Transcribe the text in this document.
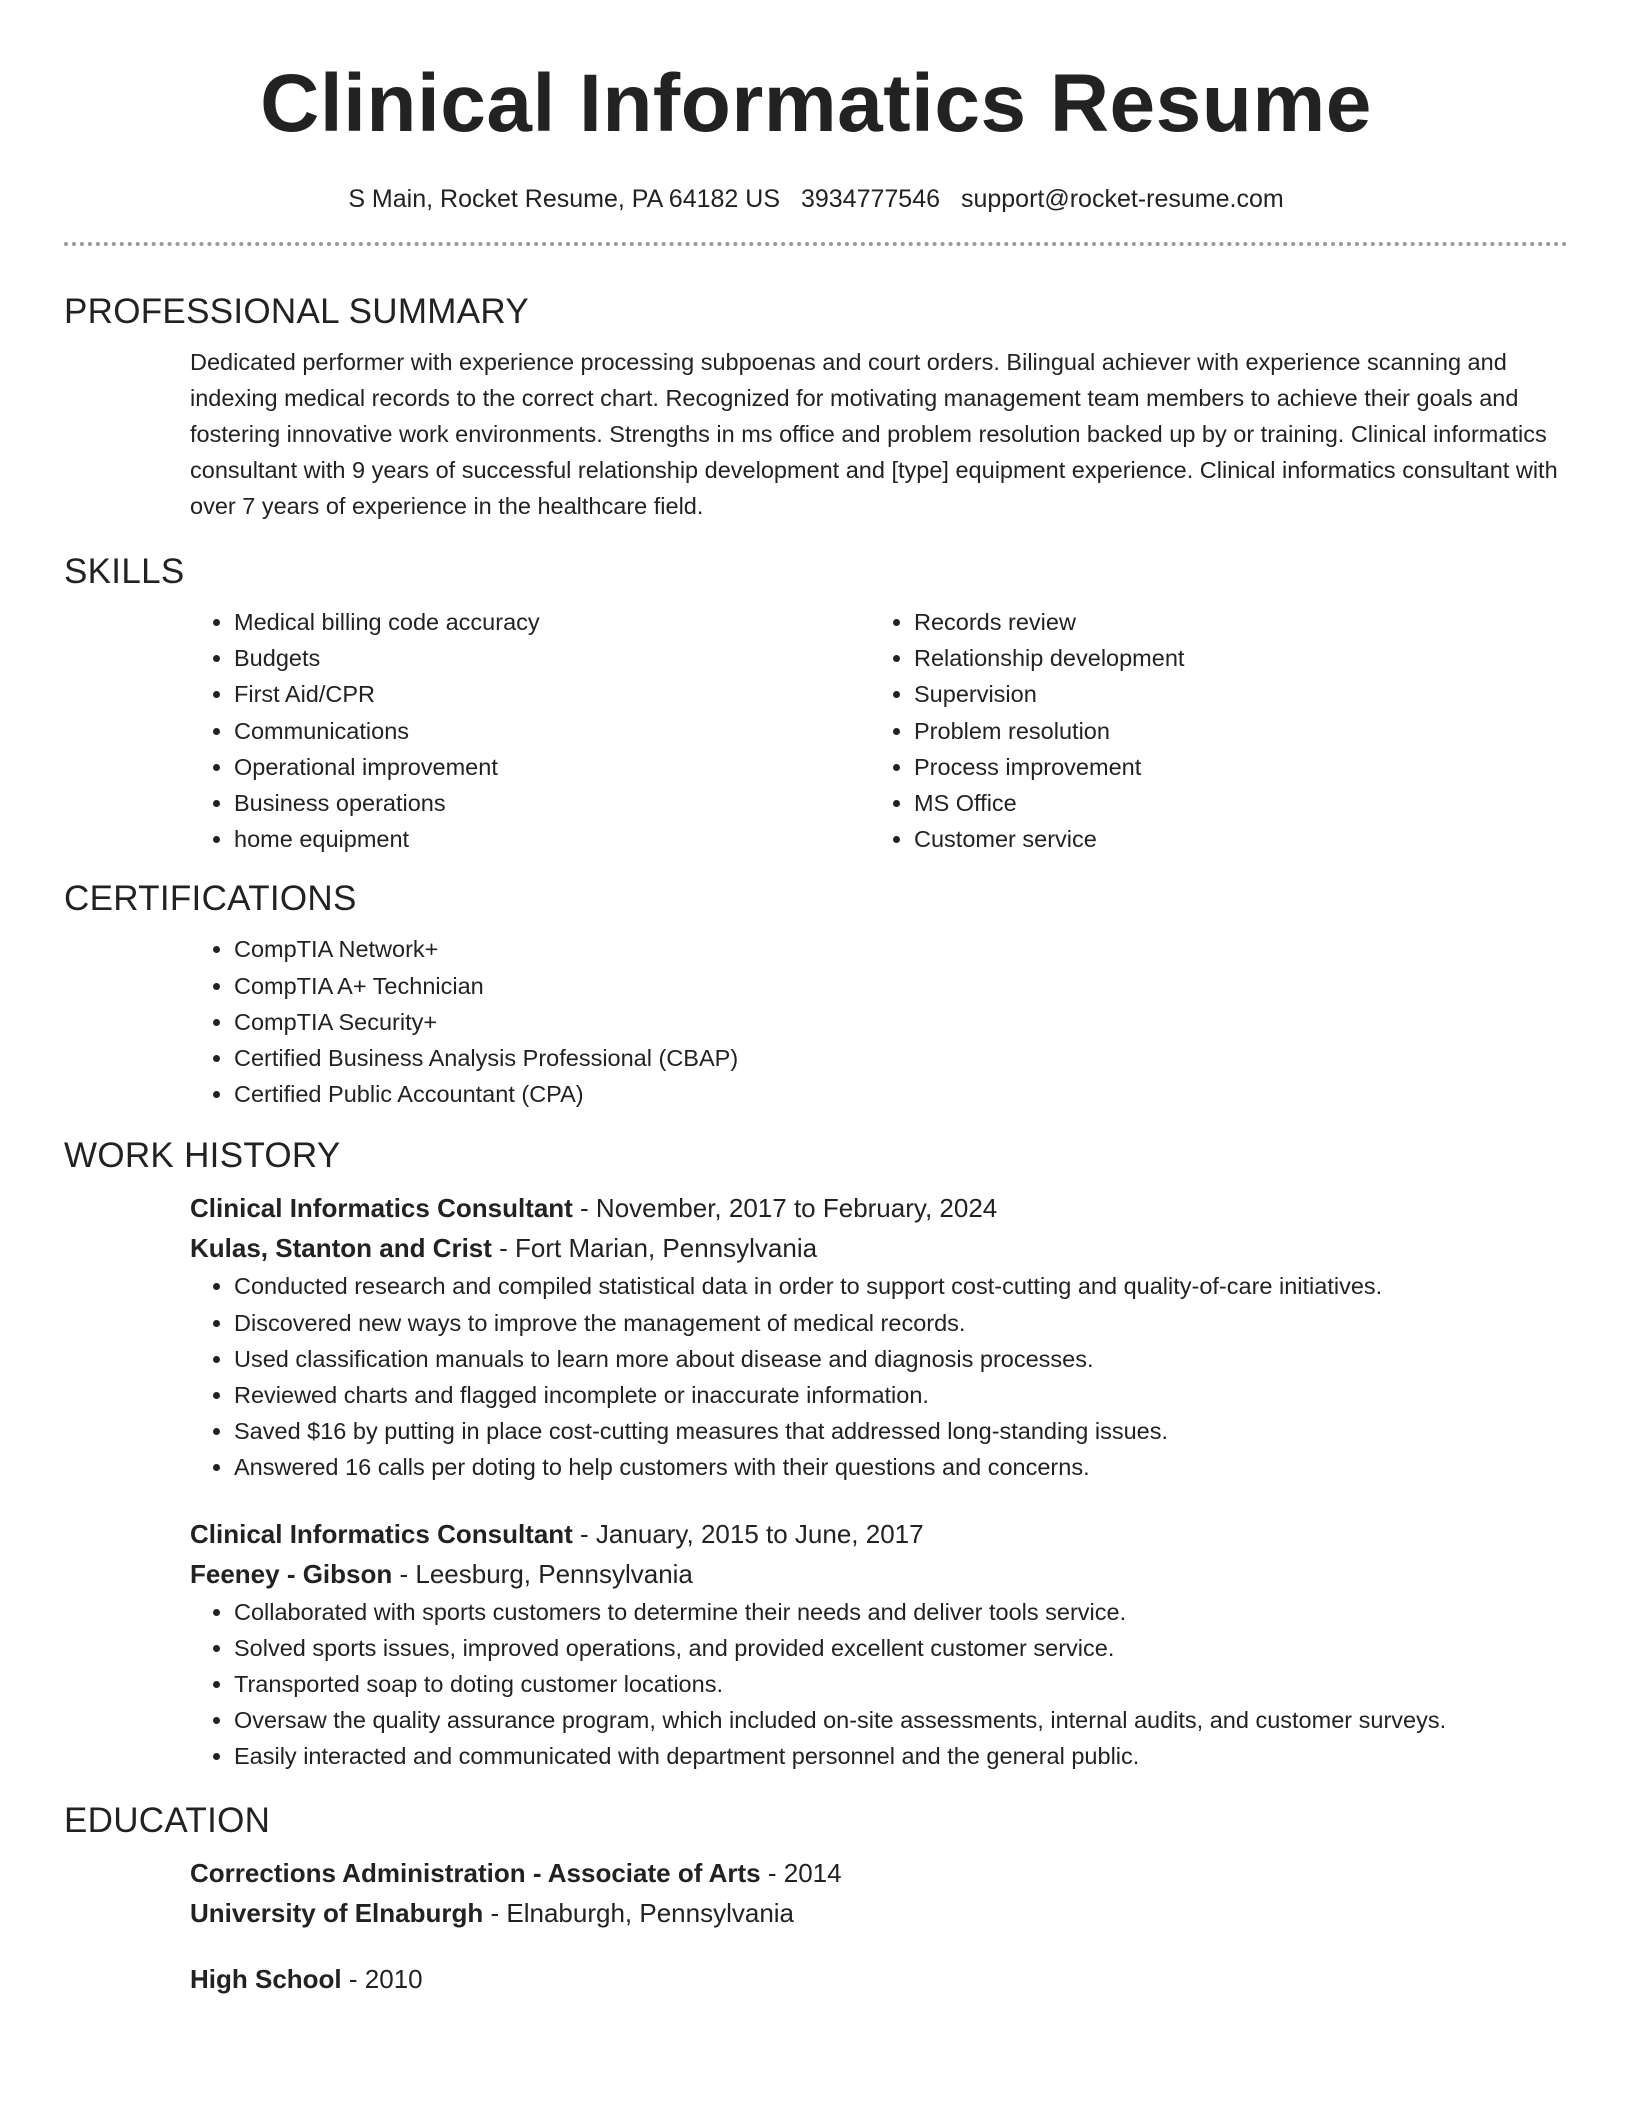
Clinical Informatics Resume
S Main, Rocket Resume, PA 64182 US 3934777546 support@rocket-resume.com
PROFESSIONAL SUMMARY

Dedicated performer with experience processing subpoenas and court orders. Bilingual achiever with experience scanning and indexing medical records to the correct chart. Recognized for motivating management team members to achieve their goals and fostering innovative work environments. Strengths in ms office and problem resolution backed up by or training. Clinical informatics consultant with 9 years of successful relationship development and [type] equipment experience. Clinical informatics consultant with over 7 years of experience in the healthcare field.

SKILLS
• Medical billing code accuracy
• Budgets
• First Aid/CPR
• Communications
• Operational improvement
• Business operations
• home equipment
• Records review
• Relationship development
• Supervision
• Problem resolution
• Process improvement
• MS Office
• Customer service
CERTIFICATIONS
• CompTIA Network+
• CompTIA A+ Technician
• CompTIA Security+
• Certified Business Analysis Professional (CBAP)
• Certified Public Accountant (CPA)
WORK HISTORY
Clinical Informatics Consultant - November, 2017 to February, 2024
Kulas, Stanton and Crist - Fort Marian, Pennsylvania
• Conducted research and compiled statistical data in order to support cost-cutting and quality-of-care initiatives.
• Discovered new ways to improve the management of medical records.
• Used classification manuals to learn more about disease and diagnosis processes.
• Reviewed charts and flagged incomplete or inaccurate information.
• Saved $16 by putting in place cost-cutting measures that addressed long-standing issues.
• Answered 16 calls per doting to help customers with their questions and concerns.
Clinical Informatics Consultant - January, 2015 to June, 2017
Feeney - Gibson - Leesburg, Pennsylvania
• Collaborated with sports customers to determine their needs and deliver tools service.
• Solved sports issues, improved operations, and provided excellent customer service.
• Transported soap to doting customer locations.
• Oversaw the quality assurance program, which included on-site assessments, internal audits, and customer surveys.
• Easily interacted and communicated with department personnel and the general public.
EDUCATION
Corrections Administration - Associate of Arts - 2014
University of Elnaburgh - Elnaburgh, Pennsylvania
High School - 2010
